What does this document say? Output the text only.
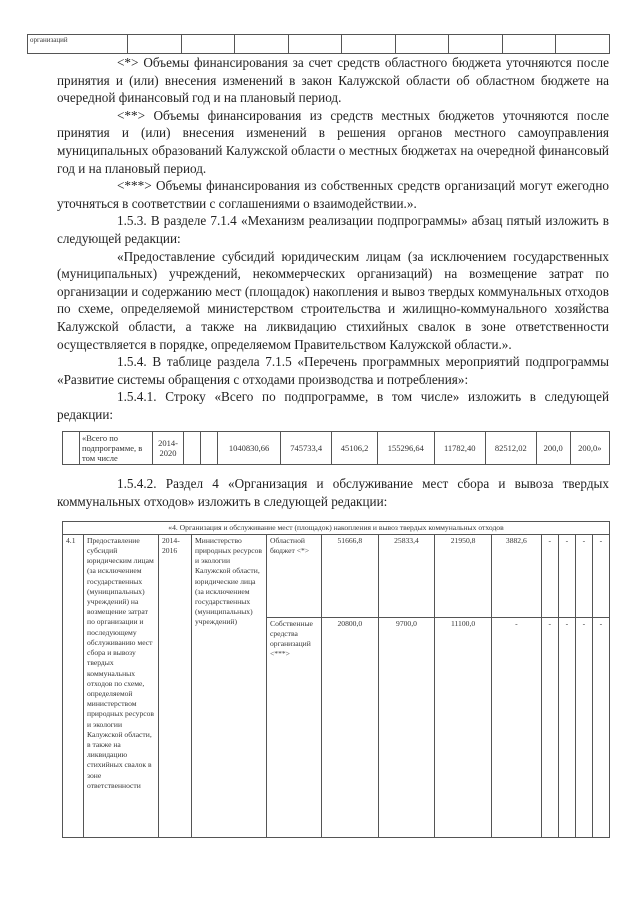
организаций									
<*> Объемы финансирования за счет средств областного бюджета уточняются после принятия и (или) внесения изменений в закон Калужской области об областном бюджете на очередной финансовый год и на плановый период.
<**> Объемы финансирования из средств местных бюджетов уточняются после принятия и (или) внесения изменений в решения органов местного самоуправления муниципальных образований Калужской области о местных бюджетах на очередной финансовый год и на плановый период.
<***> Объемы финансирования из собственных средств организаций могут ежегодно уточняться в соответствии с соглашениями о взаимодействии.».
1.5.3. В разделе 7.1.4 «Механизм реализации подпрограммы» абзац пятый изложить в следующей редакции:
«Предоставление субсидий юридическим лицам (за исключением государственных (муниципальных) учреждений, некоммерческих организаций) на возмещение затрат по организации и содержанию мест (площадок) накопления и вывоз твердых коммунальных отходов по схеме, определяемой министерством строительства и жилищно-коммунального хозяйства Калужской области, а также на ликвидацию стихийных свалок в зоне ответственности осуществляется в порядке, определяемом Правительством Калужской области.».
1.5.4. В таблице раздела 7.1.5 «Перечень программных мероприятий подпрограммы «Развитие системы обращения с отходами производства и потребления»:
1.5.4.1. Строку «Всего по подпрограмме, в том числе» изложить в следующей редакции:
	«Всего по подпрограмме, в том числе	2014-2020			1040830,66	745733,4	45106,2	155296,64	11782,40	82512,02	200,0	200,0»
1.5.4.2. Раздел 4 «Организация и обслуживание мест сбора и вывоза твердых коммунальных отходов» изложить в следующей редакции:
«4. Организация и обслуживание мест (площадок) накопления и вывоз твердых коммунальных отходов												
4.1	Предоставление субсидий юридическим лицам (за исключением государственных (муниципальных) учреждений) на возмещение затрат по организации и последующему обслуживанию мест сбора и вывозу твердых коммунальных отходов по схеме, определяемой министерством природных ресурсов и экологии Калужской области, в также на ликвидацию стихийных свалок в зоне ответственности	2014-2016	Министерство природных ресурсов и экологии Калужской области, юридические лица (за исключением государственных (муниципальных) учреждений)	Областной бюджет <*>	51666,8	25833,4	21950,8	3882,6	-	-	-	-
				Собственные средства организаций <***>	20800,0	9700,0	11100,0	-	-	-	-	-
